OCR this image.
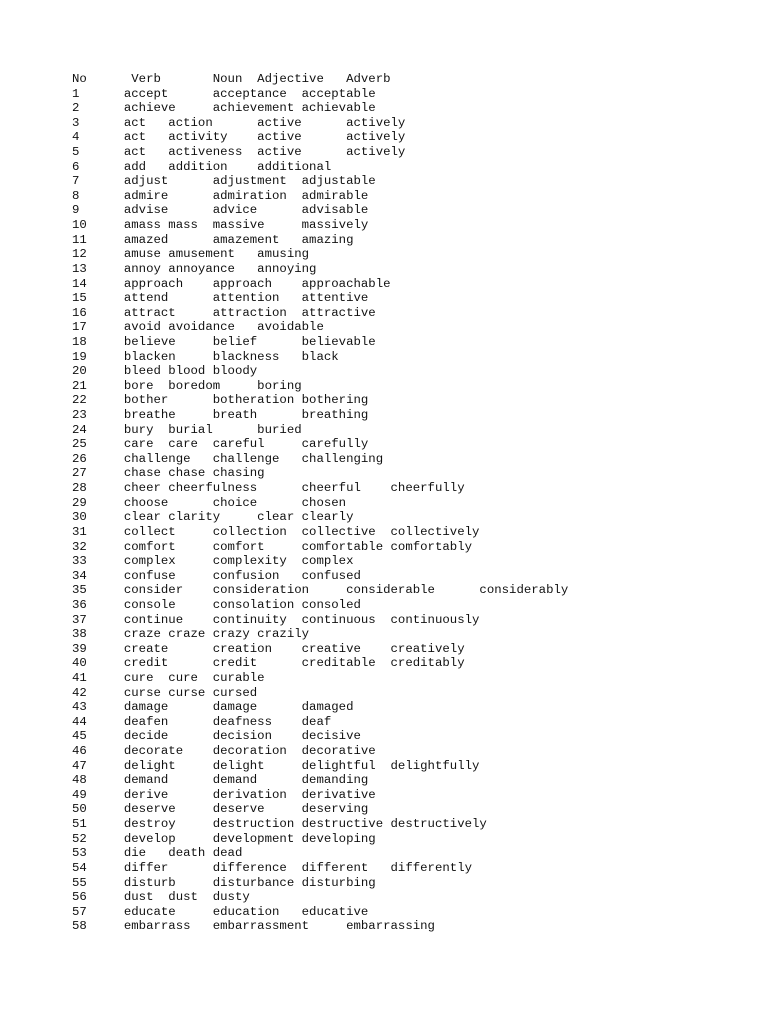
No      Verb       Noun  Adjective   Adverb
1      accept      acceptance  acceptable
2      achieve     achievement achievable
3      act   action      active      actively
4      act   activity    active      actively
5      act   activeness  active      actively
6      add   addition    additional
7      adjust      adjustment  adjustable
8      admire      admiration  admirable
9      advise      advice      advisable
10     amass mass  massive     massively
11     amazed      amazement   amazing
12     amuse amusement   amusing
13     annoy annoyance   annoying
14     approach    approach    approachable
15     attend      attention   attentive
16     attract     attraction  attractive
17     avoid avoidance   avoidable
18     believe     belief      believable
19     blacken     blackness   black
20     bleed blood bloody
21     bore  boredom     boring
22     bother      botheration bothering
23     breathe     breath      breathing
24     bury  burial      buried
25     care  care  careful     carefully
26     challenge   challenge   challenging
27     chase chase chasing
28     cheer cheerfulness      cheerful    cheerfully
29     choose      choice      chosen
30     clear clarity     clear clearly
31     collect     collection  collective  collectively
32     comfort     comfort     comfortable comfortably
33     complex     complexity  complex
34     confuse     confusion   confused
35     consider    consideration     considerable      considerably
36     console     consolation consoled
37     continue    continuity  continuous  continuously
38     craze craze crazy crazily
39     create      creation    creative    creatively
40     credit      credit      creditable  creditably
41     cure  cure  curable
42     curse curse cursed
43     damage      damage      damaged
44     deafen      deafness    deaf
45     decide      decision    decisive
46     decorate    decoration  decorative
47     delight     delight     delightful  delightfully
48     demand      demand      demanding
49     derive      derivation  derivative
50     deserve     deserve     deserving
51     destroy     destruction destructive destructively
52     develop     development developing
53     die   death dead
54     differ      difference  different   differently
55     disturb     disturbance disturbing
56     dust  dust  dusty
57     educate     education   educative
58     embarrass   embarrassment     embarrassing
